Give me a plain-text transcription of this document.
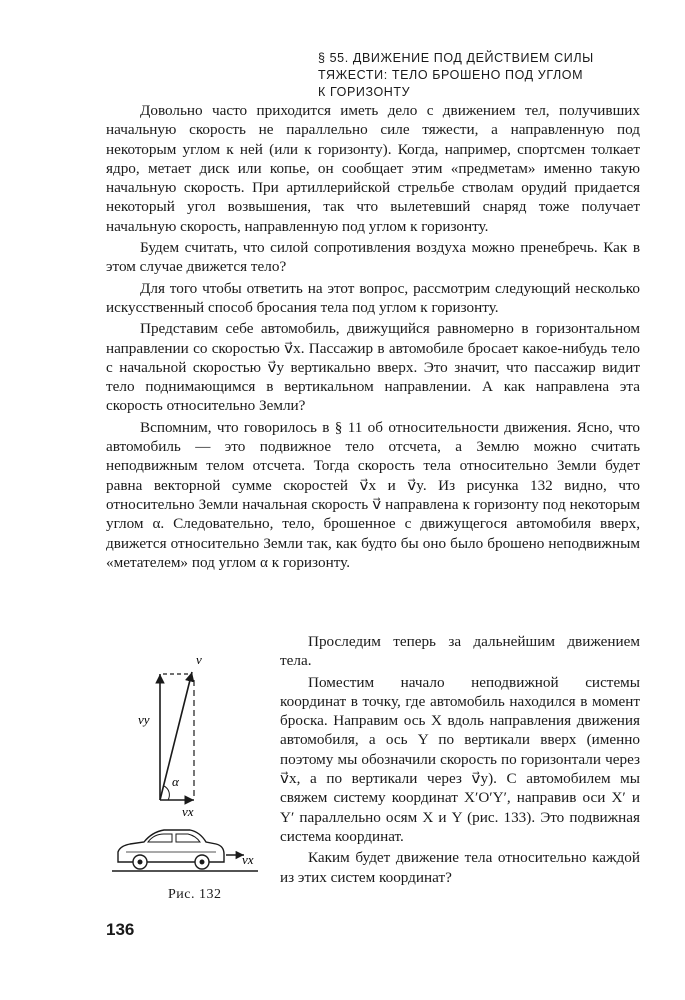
§ 55. ДВИЖЕНИЕ ПОД ДЕЙСТВИЕМ СИЛЫ
ТЯЖЕСТИ: ТЕЛО БРОШЕНО ПОД УГЛОМ
К ГОРИЗОНТУ

Довольно часто приходится иметь дело с движением тел, получивших начальную скорость не параллельно силе тяжести, а направленную под некоторым углом к ней (или к горизонту). Когда, например, спортсмен толкает ядро, метает диск или копье, он сообщает этим «предметам» именно такую начальную скорость. При артиллерийской стрельбе стволам орудий придается некоторый угол возвышения, так что вылетевший снаряд тоже получает начальную скорость, направленную под углом к горизонту.

Будем считать, что силой сопротивления воздуха можно пренебречь. Как в этом случае движется тело?

Для того чтобы ответить на этот вопрос, рассмотрим следующий несколько искусственный способ бросания тела под углом к горизонту.

Представим себе автомобиль, движущийся равномерно в горизонтальном направлении со скоростью v⃗x. Пассажир в автомобиле бросает какое-нибудь тело с начальной скоростью v⃗y вертикально вверх. Это значит, что пассажир видит тело поднимающимся в вертикальном направлении. А как направлена эта скорость относительно Земли?

Вспомним, что говорилось в § 11 об относительности движения. Ясно, что автомобиль — это подвижное тело отсчета, а Землю можно считать неподвижным телом отсчета. Тогда скорость тела относительно Земли будет равна векторной сумме скоростей v⃗x и v⃗y. Из рисунка 132 видно, что относительно Земли начальная скорость v⃗ направлена к горизонту под некоторым углом α. Следовательно, тело, брошенное с движущегося автомобиля вверх, движется относительно Земли так, как будто бы оно было брошено неподвижным «метателем» под углом α к горизонту.

α
v
vy
vx
vx
Рис. 132

Проследим теперь за дальнейшим движением тела.

Поместим начало неподвижной системы координат в точку, где автомобиль находился в момент броска. Направим ось X вдоль направления движения автомобиля, а ось Y по вертикали вверх (именно поэтому мы обозначили скорость по горизонтали через v⃗x, а по вертикали через v⃗y). С автомобилем мы свяжем систему координат X′O′Y′, направив оси X′ и Y′ параллельно осям X и Y (рис. 133). Это подвижная система координат.

Каким будет движение тела относительно каждой из этих систем координат?

136
